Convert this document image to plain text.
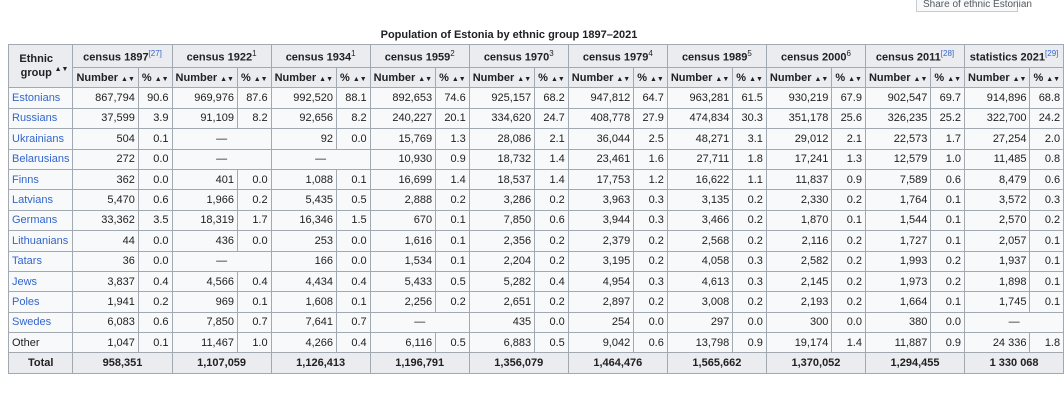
Share of ethnic Estonian
Population of Estonia by ethnic group 1897–2021
Ethnic
group ▲▼	census 1897[27]		census 1922$^1$		census 1934$^1$		census 1959$^2$		census 1970$^3$		census 1979$^4$		census 1989$^5$		census 2000$^6$		census 2011[28]		statistics 2021[29]
	Number ▲▼	% ▲▼	Number ▲▼	% ▲▼	Number ▲▼	% ▲▼	Number ▲▼	% ▲▼	Number ▲▼	% ▲▼	Number ▲▼	% ▲▼	Number ▲▼	% ▲▼	Number ▲▼	% ▲▼	Number ▲▼	% ▲▼	Number ▲▼	% ▲▼
Estonians	867,794	90.6	969,976	87.6	992,520	88.1	892,653	74.6	925,157	68.2	947,812	64.7	963,281	61.5	930,219	67.9	902,547	69.7	914,896	68.8
Russians	37,599	3.9	91,109	8.2	92,656	8.2	240,227	20.1	334,620	24.7	408,778	27.9	474,834	30.3	351,178	25.6	326,235	25.2	322,700	24.2
Ukrainians	504	0.1	—		92	0.0	15,769	1.3	28,086	2.1	36,044	2.5	48,271	3.1	29,012	2.1	22,573	1.7	27,254	2.0
Belarusians	272	0.0	—		—		10,930	0.9	18,732	1.4	23,461	1.6	27,711	1.8	17,241	1.3	12,579	1.0	11,485	0.8
Finns	362	0.0	401	0.0	1,088	0.1	16,699	1.4	18,537	1.4	17,753	1.2	16,622	1.1	11,837	0.9	7,589	0.6	8,479	0.6
Latvians	5,470	0.6	1,966	0.2	5,435	0.5	2,888	0.2	3,286	0.2	3,963	0.3	3,135	0.2	2,330	0.2	1,764	0.1	3,572	0.3
Germans	33,362	3.5	18,319	1.7	16,346	1.5	670	0.1	7,850	0.6	3,944	0.3	3,466	0.2	1,870	0.1	1,544	0.1	2,570	0.2
Lithuanians	44	0.0	436	0.0	253	0.0	1,616	0.1	2,356	0.2	2,379	0.2	2,568	0.2	2,116	0.2	1,727	0.1	2,057	0.1
Tatars	36	0.0	—		166	0.0	1,534	0.1	2,204	0.2	3,195	0.2	4,058	0.3	2,582	0.2	1,993	0.2	1,937	0.1
Jews	3,837	0.4	4,566	0.4	4,434	0.4	5,433	0.5	5,282	0.4	4,954	0.3	4,613	0.3	2,145	0.2	1,973	0.2	1,898	0.1
Poles	1,941	0.2	969	0.1	1,608	0.1	2,256	0.2	2,651	0.2	2,897	0.2	3,008	0.2	2,193	0.2	1,664	0.1	1,745	0.1
Swedes	6,083	0.6	7,850	0.7	7,641	0.7	—		435	0.0	254	0.0	297	0.0	300	0.0	380	0.0	—	
Other	1,047	0.1	11,467	1.0	4,266	0.4	6,116	0.5	6,883	0.5	9,042	0.6	13,798	0.9	19,174	1.4	11,887	0.9	24 336	1.8
Total	958,351		1,107,059		1,126,413		1,196,791		1,356,079		1,464,476		1,565,662		1,370,052		1,294,455		1 330 068	
